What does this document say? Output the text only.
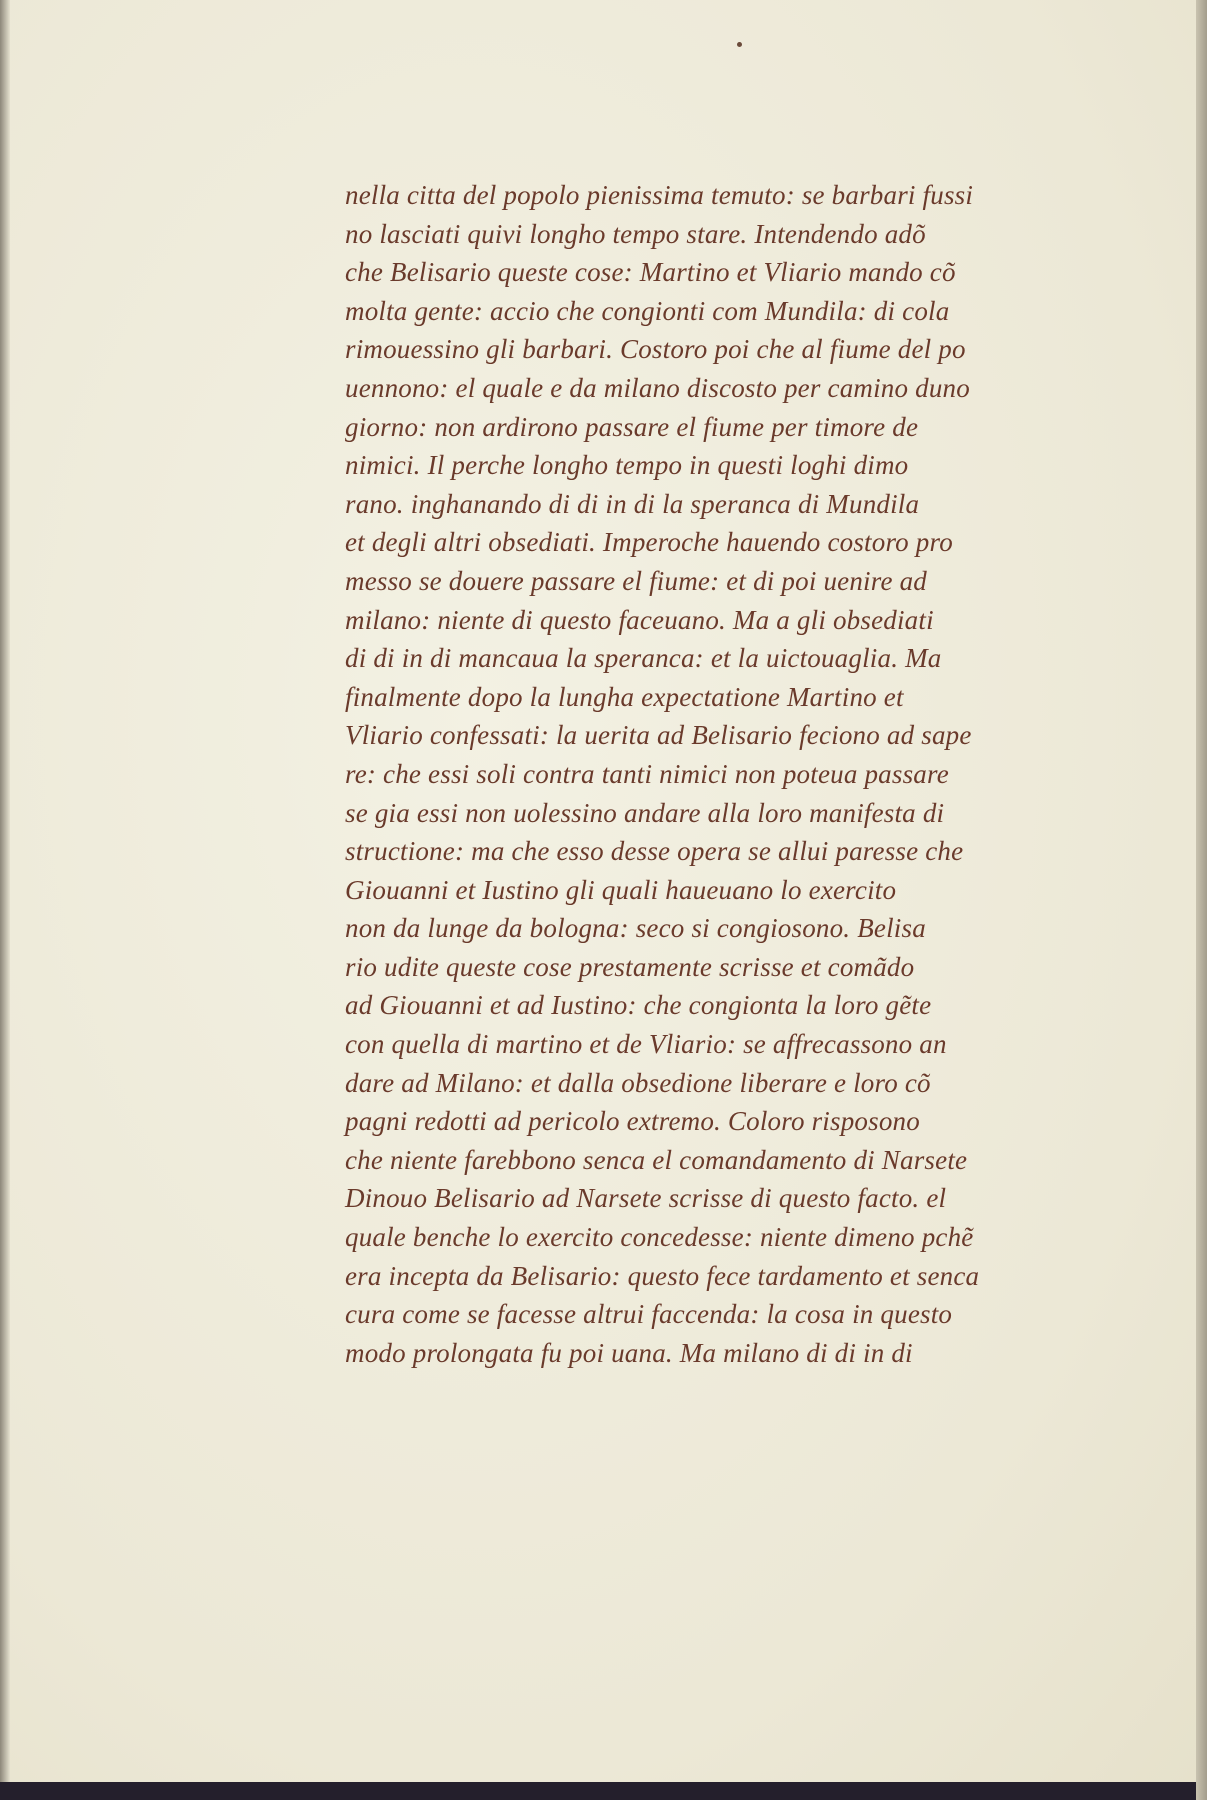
nella citta del popolo pienissima temuto: se barbari fussi
no lasciati quivi longho tempo stare. Intendendo adõ
che Belisario queste cose: Martino et Vliario mando cõ
molta gente: accio che congionti com Mundila: di cola
rimouessino gli barbari. Costoro poi che al fiume del po
uennono: el quale e da milano discosto per camino duno
giorno: non ardirono passare el fiume per timore de
nimici. Il perche longho tempo in questi loghi dimo
rano. inghanando di di in di la speranca di Mundila
et degli altri obsediati. Imperoche hauendo costoro pro
messo se douere passare el fiume: et di poi uenire ad
milano: niente di questo faceuano. Ma a gli obsediati
di di in di mancaua la speranca: et la uictouaglia. Ma
finalmente dopo la lungha expectatione Martino et
Vliario confessati: la uerita ad Belisario feciono ad sape
re: che essi soli contra tanti nimici non poteua passare
se gia essi non uolessino andare alla loro manifesta di
structione: ma che esso desse opera se allui paresse che
Giouanni et Iustino gli quali haueuano lo exercito
non da lunge da bologna: seco si congiosono. Belisa
rio udite queste cose prestamente scrisse et comãdo
ad Giouanni et ad Iustino: che congionta la loro gẽte
con quella di martino et de Vliario: se affrecassono an
dare ad Milano: et dalla obsedione liberare e loro cõ
pagni redotti ad pericolo extremo. Coloro risposono
che niente farebbono senca el comandamento di Narsete
Dinouo Belisario ad Narsete scrisse di questo facto. el
quale benche lo exercito concedesse: niente dimeno pchẽ
era incepta da Belisario: questo fece tardamento et senca
cura come se facesse altrui faccenda: la cosa in questo
modo prolongata fu poi uana. Ma milano di di in di
